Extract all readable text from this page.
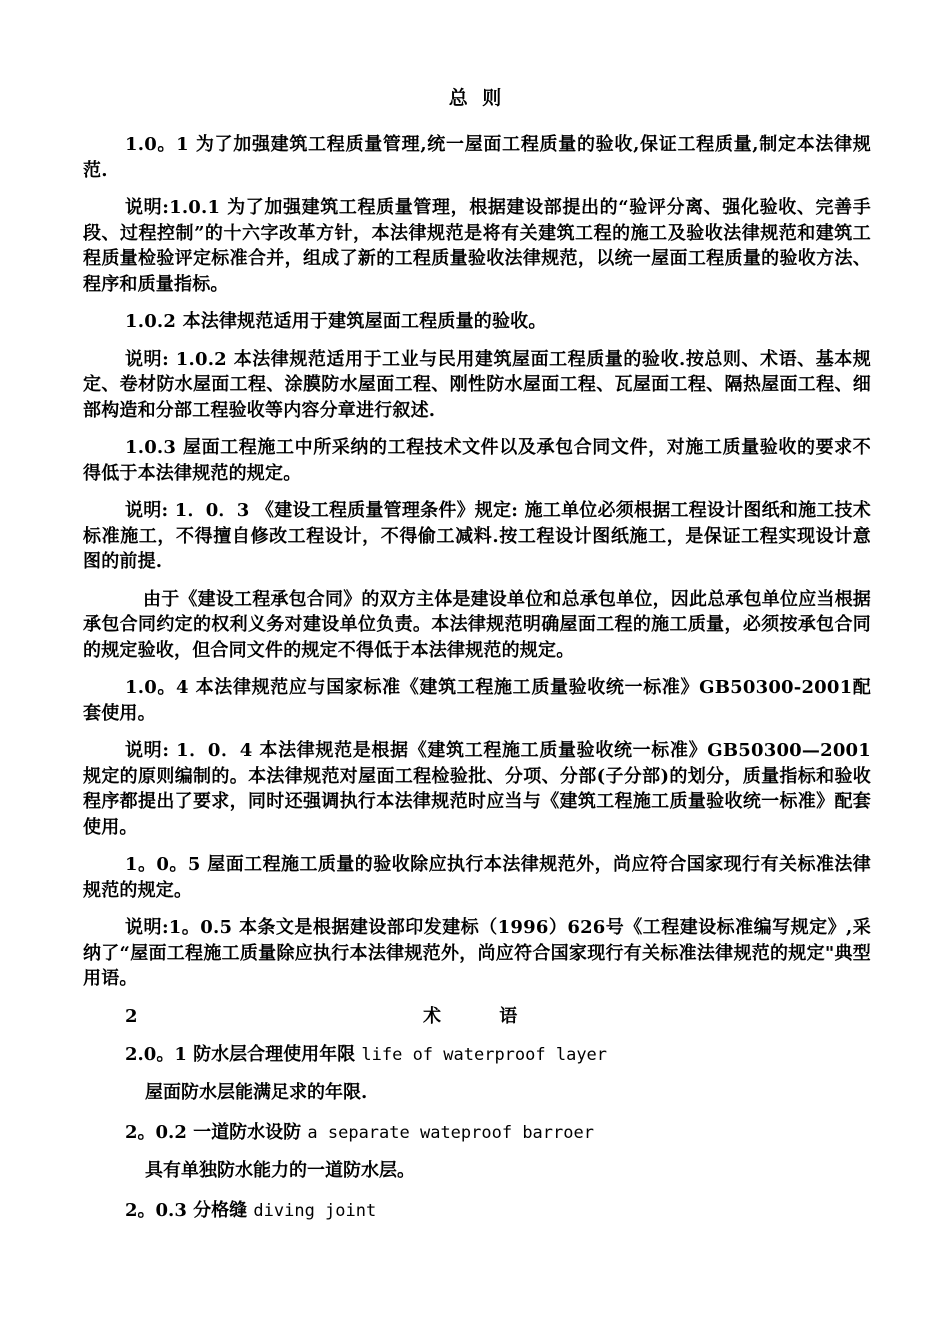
总 则

1.0。1 为了加强建筑工程质量管理,统一屋面工程质量的验收,保证工程质量,制定本法律规范.

说明:1.0.1 为了加强建筑工程质量管理，根据建设部提出的“验评分离、强化验收、完善手段、过程控制”的十六字改革方针，本法律规范是将有关建筑工程的施工及验收法律规范和建筑工程质量检验评定标准合并，组成了新的工程质量验收法律规范，以统一屋面工程质量的验收方法、程序和质量指标。

1.0.2 本法律规范适用于建筑屋面工程质量的验收。

说明: 1.0.2 本法律规范适用于工业与民用建筑屋面工程质量的验收.按总则、术语、基本规定、卷材防水屋面工程、涂膜防水屋面工程、刚性防水屋面工程、瓦屋面工程、隔热屋面工程、细部构造和分部工程验收等内容分章进行叙述.

1.0.3 屋面工程施工中所采纳的工程技术文件以及承包合同文件，对施工质量验收的要求不得低于本法律规范的规定。

说明: 1．0．3 《建设工程质量管理条件》规定: 施工单位必须根据工程设计图纸和施工技术标准施工，不得擅自修改工程设计，不得偷工减料.按工程设计图纸施工，是保证工程实现设计意图的前提.

由于《建设工程承包合同》的双方主体是建设单位和总承包单位，因此总承包单位应当根据承包合同约定的权利义务对建设单位负责。本法律规范明确屋面工程的施工质量，必须按承包合同的规定验收，但合同文件的规定不得低于本法律规范的规定。

1.0。4 本法律规范应与国家标准《建筑工程施工质量验收统一标准》GB50300-2001配套使用。

说明: 1．0．4 本法律规范是根据《建筑工程施工质量验收统一标准》GB50300—2001规定的原则编制的。本法律规范对屋面工程检验批、分项、分部(子分部)的划分，质量指标和验收程序都提出了要求，同时还强调执行本法律规范时应当与《建筑工程施工质量验收统一标准》配套使用。

1。0。5 屋面工程施工质量的验收除应执行本法律规范外，尚应符合国家现行有关标准法律规范的规定。

说明:1。0.5 本条文是根据建设部印发建标（1996）626号《工程建设标准编写规定》,采纳了“屋面工程施工质量除应执行本法律规范外，尚应符合国家现行有关标准法律规范的规定"典型用语。

2	术 语
2.0。1 防水层合理使用年限 life of waterproof layer
屋面防水层能满足求的年限.
2。0.2 一道防水设防 a separate wateproof barroer
具有单独防水能力的一道防水层。
2。0.3 分格缝 diving joint
